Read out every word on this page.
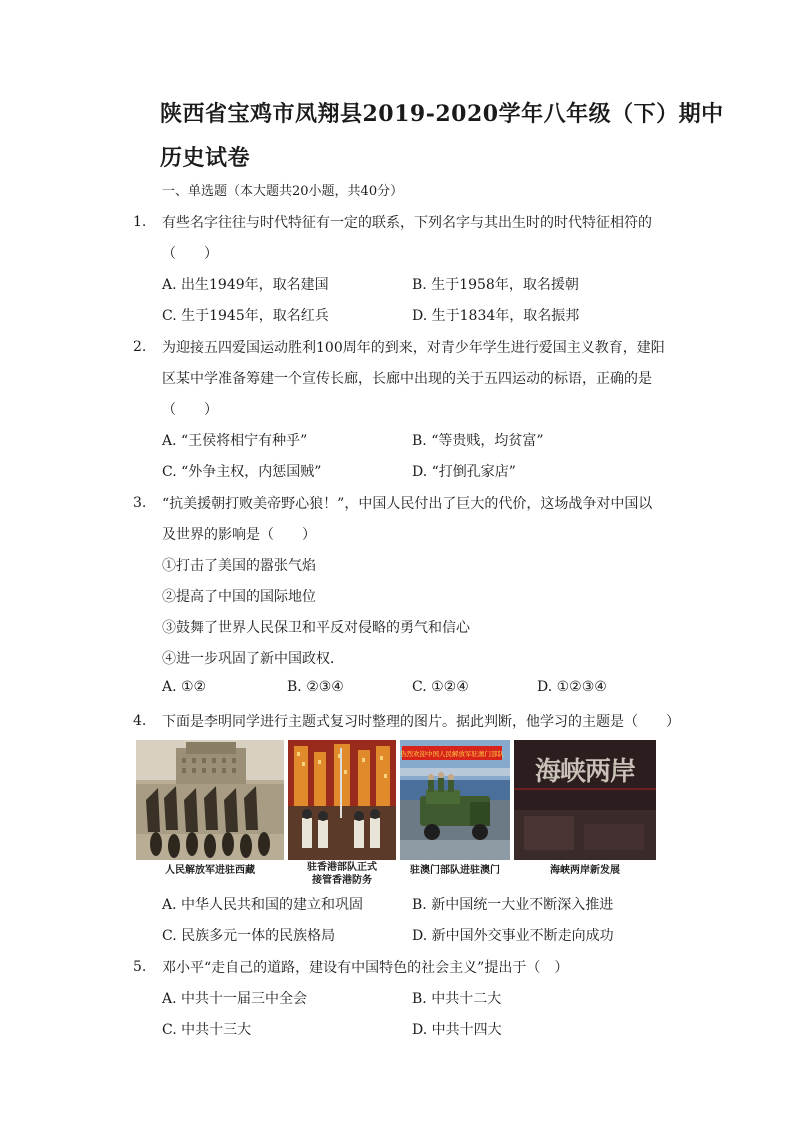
陕西省宝鸡市凤翔县2019-2020学年八年级（下）期中
历史试卷
一、单选题（本大题共20小题，共40分）
1. 有些名字往往与时代特征有一定的联系，下列名字与其出生时的时代特征相符的
（　　）
A. 出生1949年，取名建国	B. 生于1958年，取名援朝
C. 生于1945年，取名红兵	D. 生于1834年，取名振邦
2. 为迎接五四爱国运动胜利100周年的到来，对青少年学生进行爱国主义教育，建阳
区某中学准备筹建一个宣传长廊，长廊中出现的关于五四运动的标语，正确的是
（　　）
A. “王侯将相宁有种乎”	B. “等贵贱，均贫富”
C. “外争主权，内惩国贼”	D. “打倒孔家店”
3. “抗美援朝打败美帝野心狼！”，中国人民付出了巨大的代价，这场战争对中国以
及世界的影响是（　　）
①打击了美国的嚣张气焰
②提高了中国的国际地位
③鼓舞了世界人民保卫和平反对侵略的勇气和信心
④进一步巩固了新中国政权．
A. ①②	B. ②③④	C. ①②④	D. ①②③④
4. 下面是李明同学进行主题式复习时整理的图片。据此判断，他学习的主题是（　　）
热烈欢迎中国人民解放军驻澳门部队
海峡两岸
人民解放军进驻西藏	驻香港部队正式
接管香港防务
驻澳门部队进驻澳门	海峡两岸新发展
A. 中华人民共和国的建立和巩固	B. 新中国统一大业不断深入推进
C. 民族多元一体的民族格局	D. 新中国外交事业不断走向成功
5. 邓小平“走自己的道路，建设有中国特色的社会主义”提出于（　）
A. 中共十一届三中全会	B. 中共十二大
C. 中共十三大	D. 中共十四大
